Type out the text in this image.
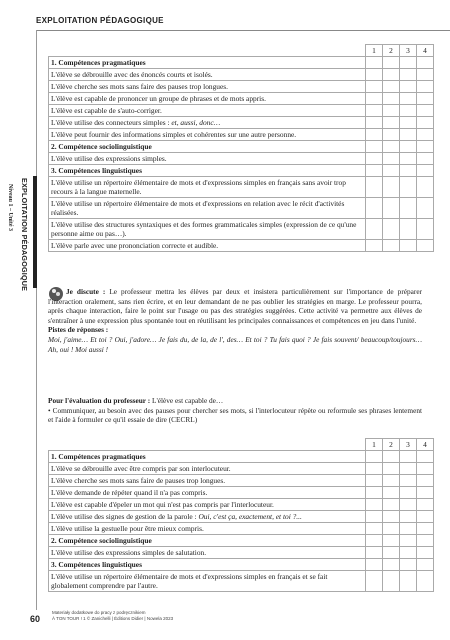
EXPLOITATION PÉDAGOGIQUE
Niveau 1 – Unité 3 EXPLOITATION PÉDAGOGIQUE
	1	2	3	4
1. Compétences pragmatiques				
L'élève se débrouille avec des énoncés courts et isolés.				
L'élève cherche ses mots sans faire des pauses trop longues.				
L'élève est capable de prononcer un groupe de phrases et de mots appris.				
L'élève est capable de s'auto-corriger.				
L'élève utilise des connecteurs simples : et, aussi, donc…				
L'élève peut fournir des informations simples et cohérentes sur une autre personne.				
2. Compétence sociolinguistique				
L'élève utilise des expressions simples.				
3. Compétences linguistiques				
L'élève utilise un répertoire élémentaire de mots et d'expressions simples en français sans avoir trop recours à la langue maternelle.				
L'élève utilise un répertoire élémentaire de mots et d'expressions en relation avec le récit d'activités réalisées.				
L'élève utilise des structures syntaxiques et des formes grammaticales simples (expression de ce qu'une personne aime ou pas…).				
L'élève parle avec une prononciation correcte et audible.				
Je discute : Le professeur mettra les élèves par deux et insistera particulièrement sur l'importance de préparer l'interaction oralement, sans rien écrire, et en leur demandant de ne pas oublier les stratégies en marge. Le professeur pourra, après chaque interaction, faire le point sur l'usage ou pas des stratégies suggérées. Cette activité va permettre aux élèves de s'entraîner à une expression plus spontanée tout en réutilisant les principales connaissances et compétences en jeu dans l'unité.
Pistes de réponses :
Moi, j'aime… Et toi ? Oui, j'adore… Je fais du, de la, de l', des… Et toi ? Tu fais quoi ? Je fais souvent/ beaucoup/toujours… Ah, oui ! Moi aussi !
Pour l'évaluation du professeur : L'élève est capable de…
• Communiquer, au besoin avec des pauses pour chercher ses mots, si l'interlocuteur répète ou reformule ses phrases lentement et l'aide à formuler ce qu'il essaie de dire (CECRL)
	1	2	3	4
1. Compétences pragmatiques				
L'élève se débrouille avec être compris par son interlocuteur.				
L'élève cherche ses mots sans faire de pauses trop longues.				
L'élève demande de répéter quand il n'a pas compris.				
L'élève est capable d'épeler un mot qui n'est pas compris par l'interlocuteur.				
L'élève utilise des signes de gestion de la parole : Oui, c'est ça, exactement, et toi ?...				
L'élève utilise la gestuelle pour être mieux compris.				
2. Compétence sociolinguistique				
L'élève utilise des expressions simples de salutation.				
3. Compétences linguistiques				
L'élève utilise un répertoire élémentaire de mots et d'expressions simples en français et se fait globalement comprendre par l'autre.				
60
Materiały dodatkowe do pracy z podręcznikiem
À TON TOUR ! 1 © Zanichelli | Éditions Didier | Nowela 2023
